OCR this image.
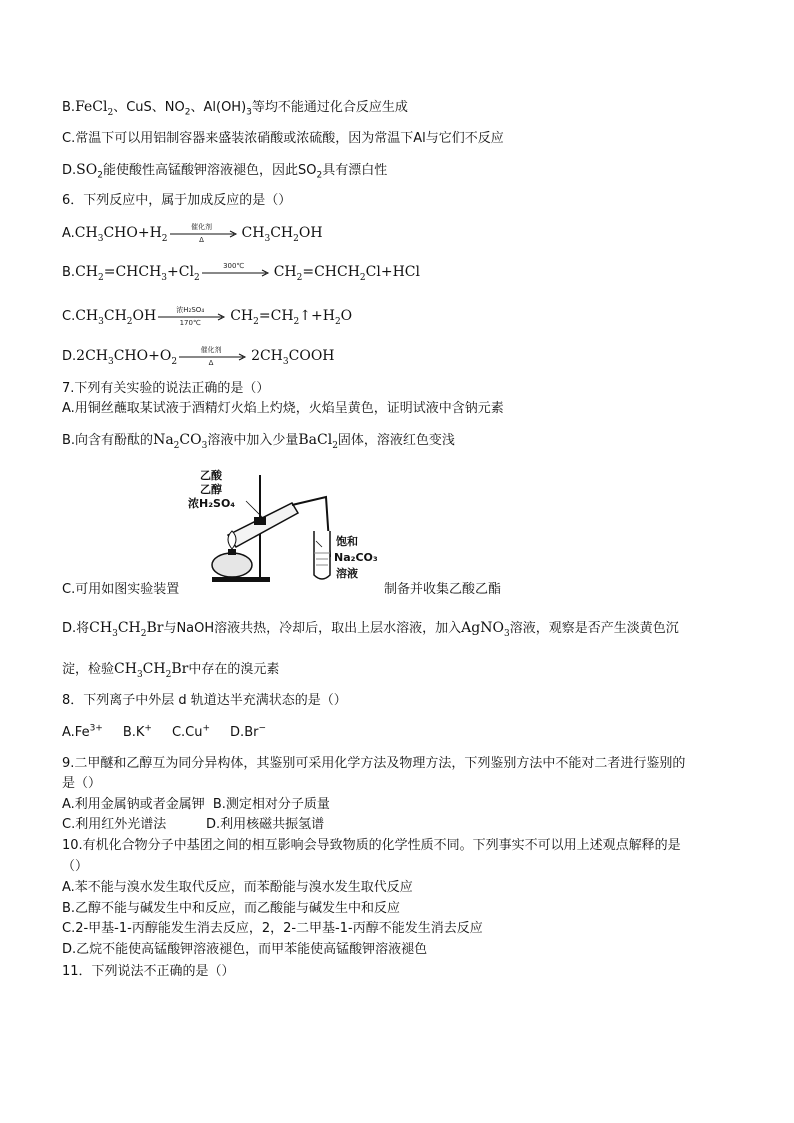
B.FeCl$_2$、CuS、$NO_2$、$Al(OH)_3$等均不能通过化合反应生成
C.常温下可以用铝制容器来盛装浓硝酸或浓硫酸，因为常温下Al与它们不反应
$D.SO_2$能使酸性高锰酸钾溶液褪色，因此$SO_2$具有漂白性
6．下列反应中，属于加成反应的是（）
$A.CH_3CHO+H_2$
催化剂
Δ	$CH_3CH_2OH$
$B.CH_2=CHCH_3+Cl_2$
300℃	$CH_2=CHCH_2Cl+HCl$
$C.CH_3CH_2OH$	浓H₂SO₄
170℃	$CH_2=CH_2↑+H_2O$
$D.2CH_3CHO+O_2$
催化剂
Δ	$2CH_3COOH$
7.下列有关实验的说法正确的是（）
A.用铜丝蘸取某试液于酒精灯火焰上灼烧，火焰呈黄色，证明试液中含钠元素
B.向含有酚酞的$Na_2CO_3$溶液中加入少量BaCl$_2$固体，溶液红色变浅
乙酸
乙醇
浓H₂SO₄
饱和
Na₂CO₃
溶液
C.可用如图实验装置	制备并收集乙酸乙酯
D.将$CH_3CH_2Br$与NaOH溶液共热，冷却后，取出上层水溶液，加入AgNO$_3$溶液，观察是否产生淡黄色沉
淀，检验$CH_3CH_2Br$中存在的溴元素
8．下列离子中外层 d 轨道达半充满状态的是（）
$A.Fe^{3+}$ B.K+ C.Cu+ D.Br−
9.二甲醚和乙醇互为同分异构体，其鉴别可采用化学方法及物理方法，下列鉴别方法中不能对二者进行鉴别的
是（）
A.利用金属钠或者金属钾 B.测定相对分子质量
C.利用红外光谱法	D.利用核磁共振氢谱
10.有机化合物分子中基团之间的相互影响会导致物质的化学性质不同。下列事实不可以用上述观点解释的是
（）
A.苯不能与溴水发生取代反应，而苯酚能与溴水发生取代反应
B.乙醇不能与碱发生中和反应，而乙酸能与碱发生中和反应
C.2-甲基-1-丙醇能发生消去反应，2，2-二甲基-1-丙醇不能发生消去反应
D.乙烷不能使高锰酸钾溶液褪色，而甲苯能使高锰酸钾溶液褪色
11．下列说法不正确的是（）
